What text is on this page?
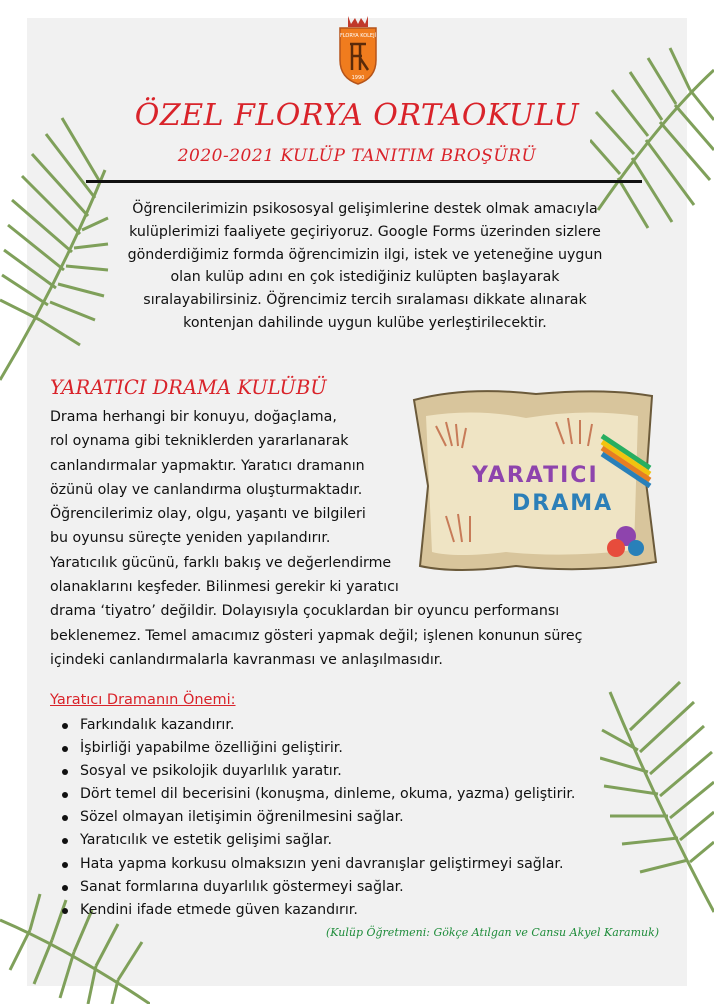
FLORYA KOLEJİ
1990
ÖZEL FLORYA ORTAOKULU
2020-2021 KULÜP TANITIM BROŞÜRÜ

Öğrencilerimizin psikososyal gelişimlerine destek olmak amacıyla

kulüplerimizi faaliyete geçiriyoruz. Google Forms üzerinden sizlere

gönderdiğimiz formda öğrencimizin ilgi, istek ve yeteneğine uygun

olan kulüp adını en çok istediğiniz kulüpten başlayarak

sıralayabilirsiniz. Öğrencimiz tercih sıralaması dikkate alınarak

kontenjan dahilinde uygun kulübe yerleştirilecektir.

YARATICI DRAMA KULÜBÜ
Drama herhangi bir konuyu, doğaçlama,
rol oynama gibi tekniklerden yararlanarak
canlandırmalar yapmaktır. Yaratıcı dramanın
özünü olay ve canlandırma oluşturmaktadır.
Öğrencilerimiz olay, olgu, yaşantı ve bilgileri
bu oyunsu süreçte yeniden yapılandırır.
Yaratıcılık gücünü, farklı bakış ve değerlendirme
olanaklarını keşfeder. Bilinmesi gerekir ki yaratıcı
drama ‘tiyatro’ değildir. Dolayısıyla çocuklardan bir oyuncu performansı
beklenemez. Temel amacımız gösteri yapmak değil; işlenen konunun süreç
içindeki canlandırmalarla kavranması ve anlaşılmasıdır.
YARATICI
DRAMA
Yaratıcı Dramanın Önemi:
Farkındalık kazandırır.
İşbirliği yapabilme özelliğini geliştirir.
Sosyal ve psikolojik duyarlılık yaratır.
Dört temel dil becerisini (konuşma, dinleme, okuma, yazma) geliştirir.
Sözel olmayan iletişimin öğrenilmesini sağlar.
Yaratıcılık ve estetik gelişimi sağlar.
Hata yapma korkusu olmaksızın yeni davranışlar geliştirmeyi sağlar.
Sanat formlarına duyarlılık göstermeyi sağlar.
Kendini ifade etmede güven kazandırır.
(Kulüp Öğretmeni: Gökçe Atılgan ve Cansu Akyel Karamuk)
